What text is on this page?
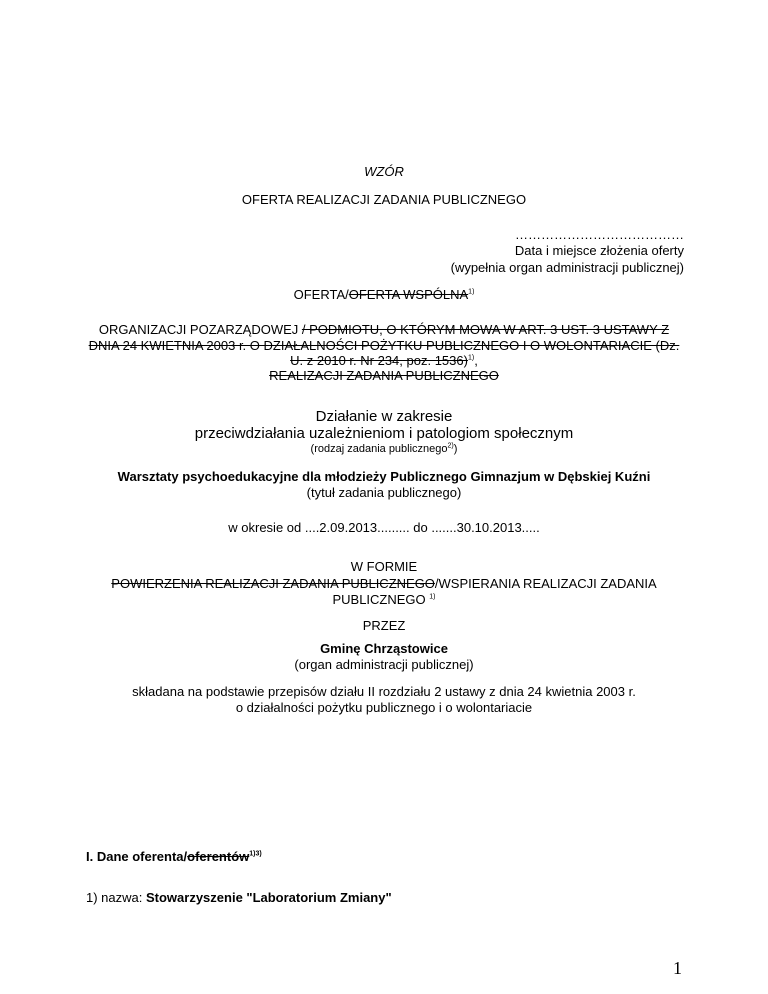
WZÓR
OFERTA REALIZACJI ZADANIA PUBLICZNEGO
…………………………………
Data i miejsce złożenia oferty
(wypełnia organ administracji publicznej)
OFERTA/OFERTA WSPÓLNA$^{1)}$
ORGANIZACJI POZARZĄDOWEJ / PODMIOTU, O KTÓRYM MOWA W ART. 3 UST. 3 USTAWY Z
DNIA 24 KWIETNIA 2003 r. O DZIAŁALNOŚCI POŻYTKU PUBLICZNEGO I O WOLONTARIACIE (Dz.
U. z 2010 r. Nr 234, poz. 1536)$^{1)}$,
REALIZACJI ZADANIA PUBLICZNEGO
Działanie w zakresie
przeciwdziałania uzależnieniom i patologiom społecznym
(rodzaj zadania publicznego$^{2)}$)
Warsztaty psychoedukacyjne dla młodzieży Publicznego Gimnazjum w Dębskiej Kuźni
(tytuł zadania publicznego)
w okresie od ....2.09.2013......... do .......30.10.2013.....
W FORMIE
POWIERZENIA REALIZACJI ZADANIA PUBLICZNEGO/WSPIERANIA REALIZACJI ZADANIA
PUBLICZNEGO $^{1)}$
PRZEZ
Gminę Chrząstowice
(organ administracji publicznej)
składana na podstawie przepisów działu II rozdziału 2 ustawy z dnia 24 kwietnia 2003 r.
o działalności pożytku publicznego i o wolontariacie
I. Dane oferenta/oferentów$^{1)3)}$
1) nazwa: Stowarzyszenie "Laboratorium Zmiany"
1
